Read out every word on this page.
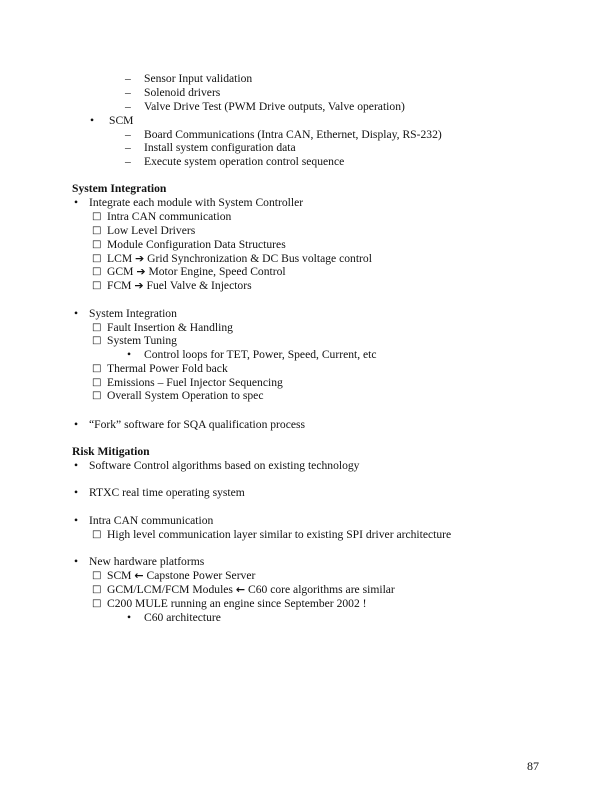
– Sensor Input validation
– Solenoid drivers
– Valve Drive Test (PWM Drive outputs, Valve operation)
• SCM
– Board Communications (Intra CAN, Ethernet, Display, RS-232)
– Install system configuration data
– Execute system operation control sequence
System Integration
• Integrate each module with System Controller
□ Intra CAN communication
□ Low Level Drivers
□ Module Configuration Data Structures
□ LCM ➔ Grid Synchronization & DC Bus voltage control
□ GCM ➔ Motor Engine, Speed Control
□ FCM ➔ Fuel Valve & Injectors
• System Integration
□ Fault Insertion & Handling
□ System Tuning
• Control loops for TET, Power, Speed, Current, etc
□ Thermal Power Fold back
□ Emissions – Fuel Injector Sequencing
□ Overall System Operation to spec
• “Fork” software for SQA qualification process
Risk Mitigation
• Software Control algorithms based on existing technology
• RTXC real time operating system
• Intra CAN communication
□ High level communication layer similar to existing SPI driver architecture
• New hardware platforms
□ SCM ← Capstone Power Server
□ GCM/LCM/FCM Modules ← C60 core algorithms are similar
□ C200 MULE running an engine since September 2002 !
• C60 architecture
87
